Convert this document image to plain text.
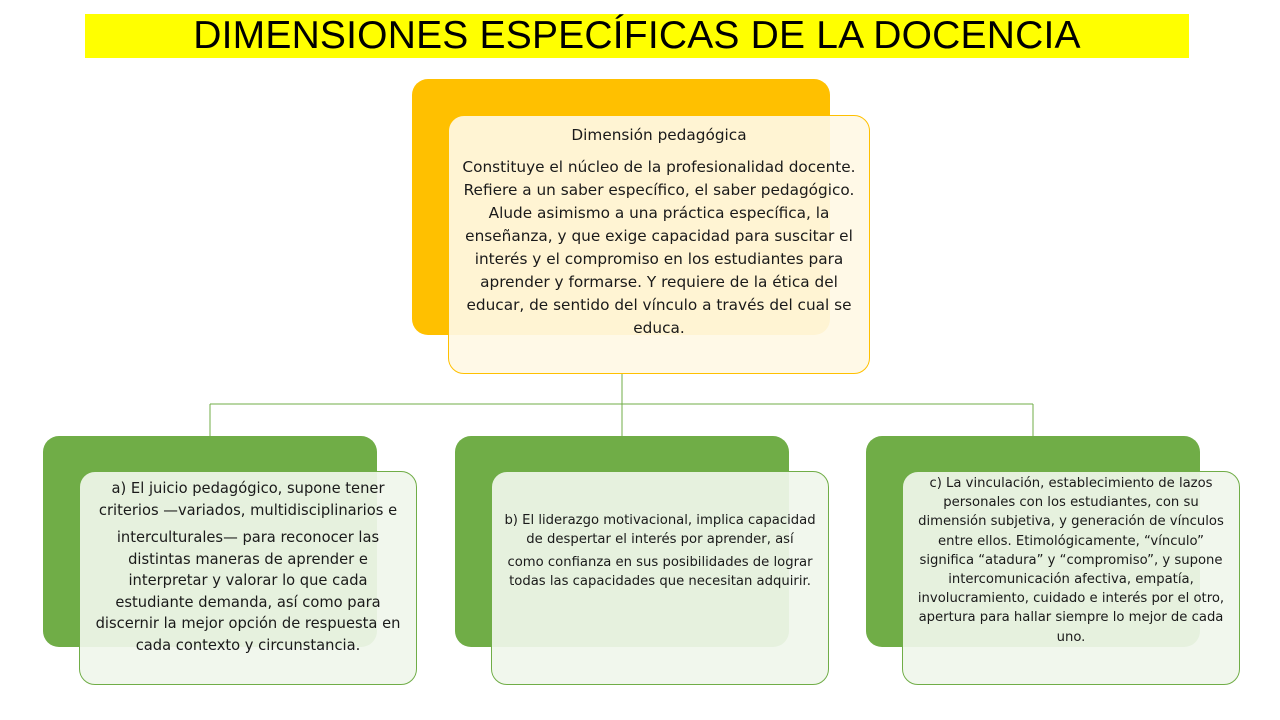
DIMENSIONES ESPECÍFICAS DE LA DOCENCIA

Dimensión pedagógica

Constituye el núcleo de la profesionalidad docente. Refiere a un saber específico, el saber pedagógico. Alude asimismo a una práctica específica, la enseñanza, y que exige capacidad para suscitar el interés y el compromiso en los estudiantes para aprender y formarse. Y requiere de la ética del educar, de sentido del vínculo a través del cual se educa.

a) El juicio pedagógico, supone tener criterios —variados, multidisciplinarios e

interculturales— para reconocer las distintas maneras de aprender e interpretar y valorar lo que cada estudiante demanda, así como para discernir la mejor opción de respuesta en cada contexto y circunstancia.

b) El liderazgo motivacional, implica capacidad de despertar el interés por aprender, así

como confianza en sus posibilidades de lograr todas las capacidades que necesitan adquirir.

c) La vinculación, establecimiento de lazos personales con los estudiantes, con su dimensión subjetiva, y generación de vínculos entre ellos. Etimológicamente, “vínculo” significa “atadura” y “compromiso”, y supone intercomunicación afectiva, empatía, involucramiento, cuidado e interés por el otro, apertura para hallar siempre lo mejor de cada uno.
